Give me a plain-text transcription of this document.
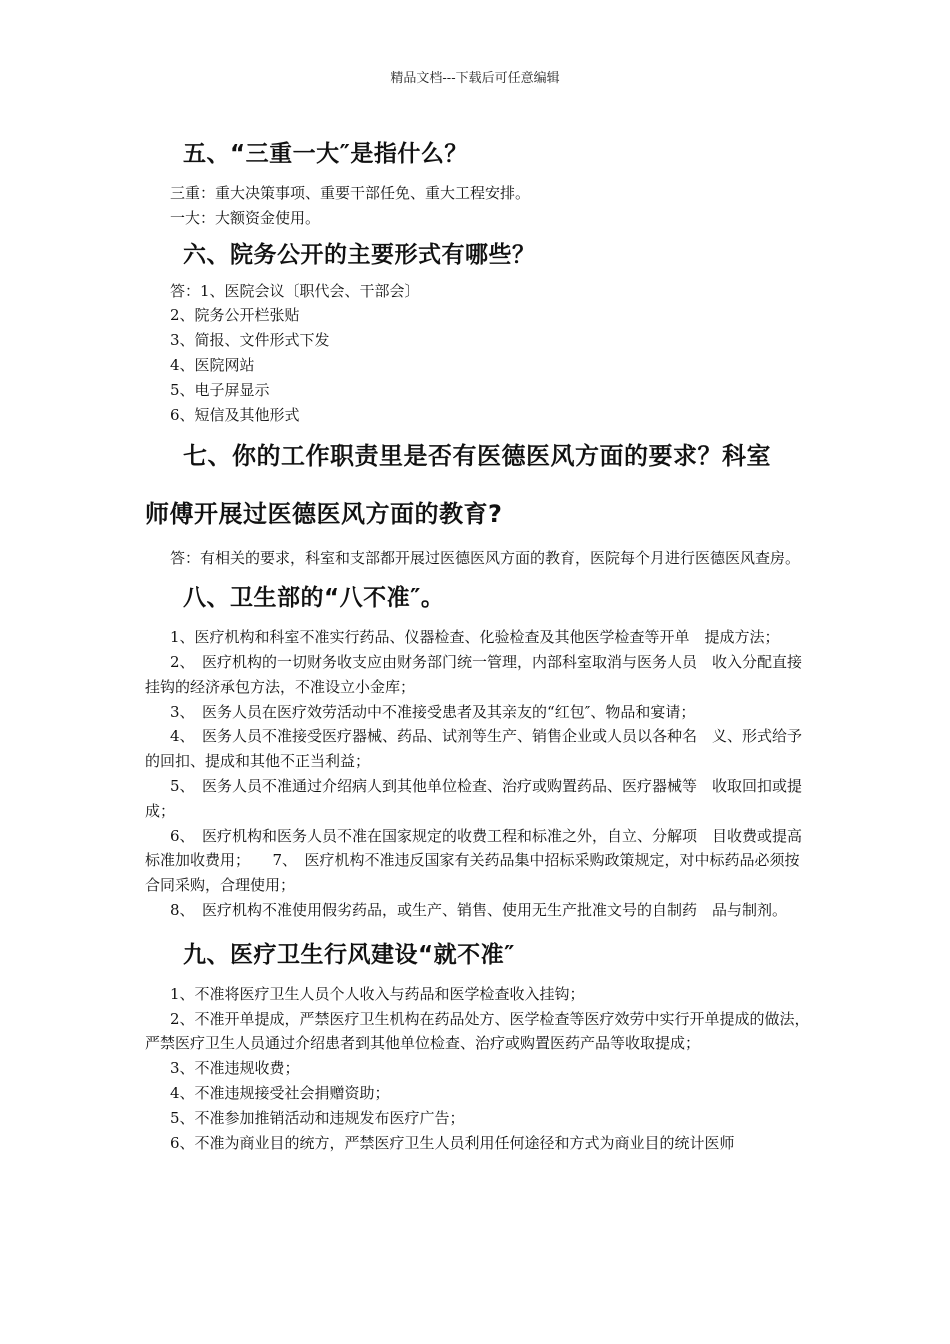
精品文档---下载后可任意编辑
五、“三重一大″是指什么？

三重：重大决策事项、重要干部任免、重大工程安排。

一大：大额资金使用。

六、院务公开的主要形式有哪些？

答：1、医院会议〔职代会、干部会〕

2、院务公开栏张贴

3、简报、文件形式下发

4、医院网站

5、电子屏显示

6、短信及其他形式

七、你的工作职责里是否有医德医风方面的要求？科室
师傅开展过医德医风方面的教育?

答：有相关的要求，科室和支部都开展过医德医风方面的教育，医院每个月进行医德医风查房。

八、卫生部的“八不准″。

1、医疗机构和科室不准实行药品、仪器检查、化验检查及其他医学检查等开单　提成方法；

2、　医疗机构的一切财务收支应由财务部门统一管理，内部科室取消与医务人员　收入分配直接挂钩的经济承包方法，不准设立小金库；

3、　医务人员在医疗效劳活动中不准接受患者及其亲友的“红包″、物品和宴请；

4、　医务人员不准接受医疗器械、药品、试剂等生产、销售企业或人员以各种名　义、形式给予的回扣、提成和其他不正当利益；

5、　医务人员不准通过介绍病人到其他单位检查、治疗或购置药品、医疗器械等　收取回扣或提成；

6、　医疗机构和医务人员不准在国家规定的收费工程和标准之外，自立、分解项　目收费或提高标准加收费用；　　7、　医疗机构不准违反国家有关药品集中招标采购政策规定，对中标药品必须按　合同采购，合理使用；

8、　医疗机构不准使用假劣药品，或生产、销售、使用无生产批准文号的自制药　品与制剂。

九、医疗卫生行风建设“就不准″

1、不准将医疗卫生人员个人收入与药品和医学检查收入挂钩；

2、不准开单提成，严禁医疗卫生机构在药品处方、医学检查等医疗效劳中实行开单提成的做法，严禁医疗卫生人员通过介绍患者到其他单位检查、治疗或购置医药产品等收取提成；

3、不准违规收费；

4、不准违规接受社会捐赠资助；

5、不准参加推销活动和违规发布医疗广告；

6、不准为商业目的统方，严禁医疗卫生人员利用任何途径和方式为商业目的统计医师
